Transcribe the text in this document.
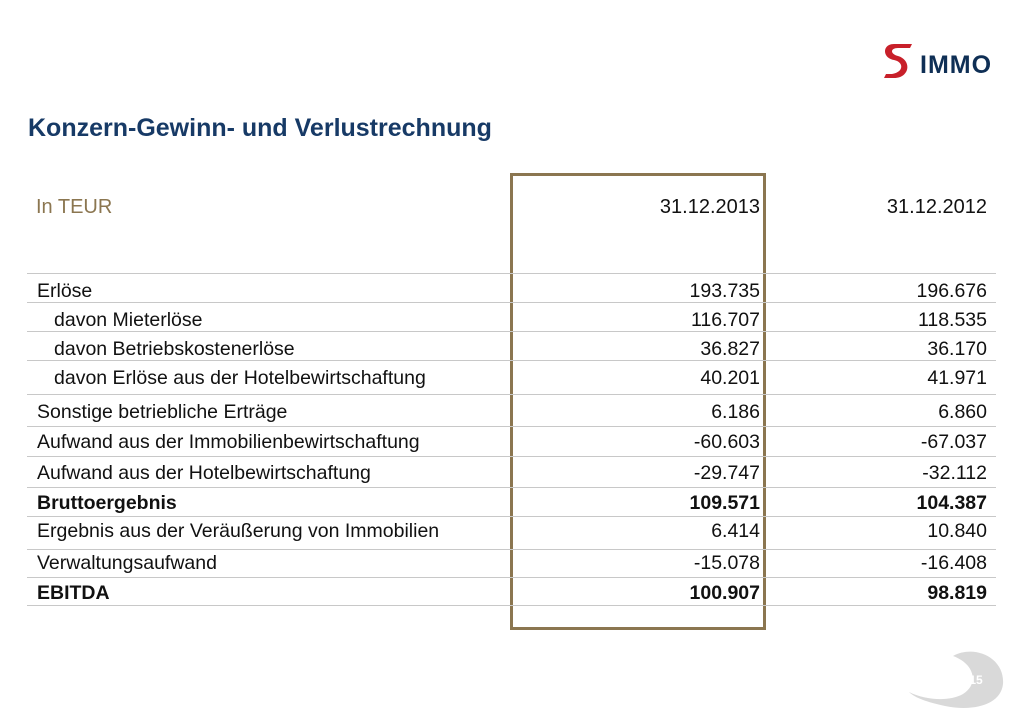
IMMO
Konzern-Gewinn- und Verlustrechnung
In TEUR	31.12.2013	31.12.2012
Erlöse	193.735	196.676
davon Mieterlöse	116.707	118.535
davon Betriebskostenerlöse	36.827	36.170
davon Erlöse aus der Hotelbewirtschaftung	40.201	41.971
Sonstige betriebliche Erträge	6.186	6.860
Aufwand aus der Immobilienbewirtschaftung	-60.603	-67.037
Aufwand aus der Hotelbewirtschaftung	-29.747	-32.112
Bruttoergebnis	109.571	104.387
Ergebnis aus der Veräußerung von Immobilien	6.414	10.840
Verwaltungsaufwand	-15.078	-16.408
EBITDA	100.907	98.819
15
